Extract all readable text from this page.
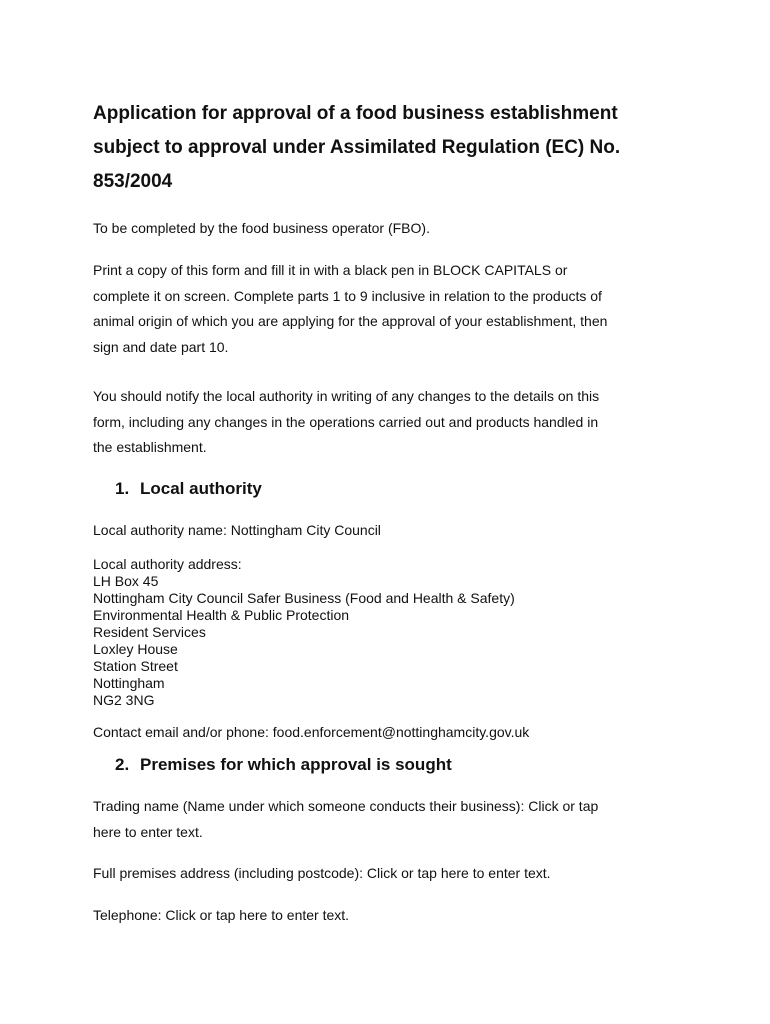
Application for approval of a food business establishment
subject to approval under Assimilated Regulation (EC) No.
853/2004

To be completed by the food business operator (FBO).

Print a copy of this form and fill it in with a black pen in BLOCK CAPITALS or
complete it on screen. Complete parts 1 to 9 inclusive in relation to the products of
animal origin of which you are applying for the approval of your establishment, then
sign and date part 10.
You should notify the local authority in writing of any changes to the details on this
form, including any changes in the operations carried out and products handled in
the establishment.
1. Local authority

Local authority name: Nottingham City Council

Local authority address:
LH Box 45
Nottingham City Council Safer Business (Food and Health & Safety)
Environmental Health & Public Protection
Resident Services
Loxley House
Station Street
Nottingham
NG2 3NG

Contact email and/or phone: food.enforcement@nottinghamcity.gov.uk

2. Premises for which approval is sought
Trading name (Name under which someone conducts their business): Click or tap
here to enter text.

Full premises address (including postcode): Click or tap here to enter text.

Telephone: Click or tap here to enter text.
